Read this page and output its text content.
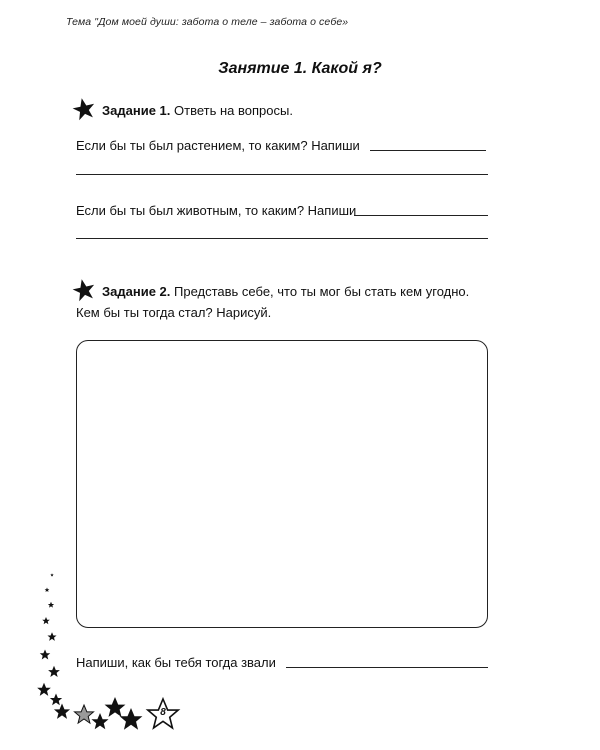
Тема "Дом моей души: забота о теле – забота о себе»
Занятие 1. Какой я?
Задание 1. Ответь на вопросы.
Если бы ты был растением, то каким? Напиши
Если бы ты был животным, то каким? Напиши
Задание 2. Представь себе, что ты мог бы стать кем угодно.
Кем бы ты тогда стал? Нарисуй.
Напиши, как бы тебя тогда звали
8
